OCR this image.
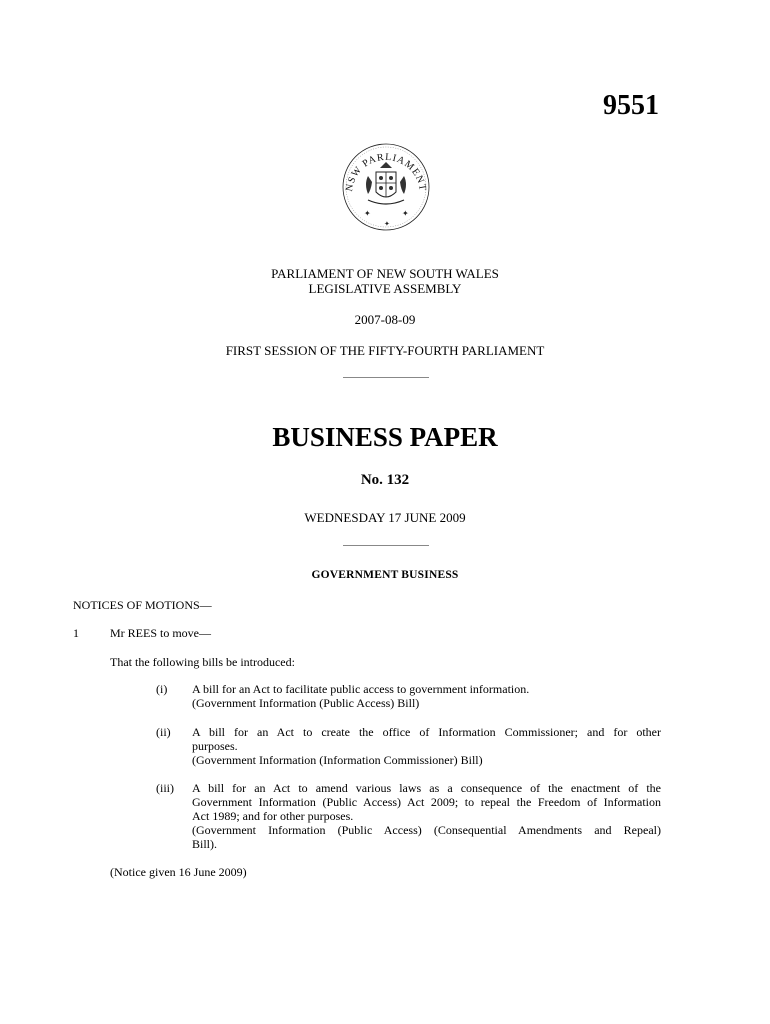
9551
NSW PARLIAMENT
✦	✦
✦
PARLIAMENT OF NEW SOUTH WALES
LEGISLATIVE ASSEMBLY
2007-08-09
FIRST SESSION OF THE FIFTY-FOURTH PARLIAMENT
BUSINESS PAPER
No. 132
WEDNESDAY 17 JUNE 2009
GOVERNMENT BUSINESS
NOTICES OF MOTIONS—
1	Mr REES to move—
That the following bills be introduced:
(i) A bill for an Act to facilitate public access to government information.
(Government Information (Public Access) Bill)
(ii) A bill for an Act to create the office of Information Commissioner; and for other
purposes.
(Government Information (Information Commissioner) Bill)
(iii) A bill for an Act to amend various laws as a consequence of the enactment of the
Government Information (Public Access) Act 2009; to repeal the Freedom of Information
Act 1989; and for other purposes.
(Government Information (Public Access) (Consequential Amendments and Repeal)
Bill).
(Notice given 16 June 2009)
